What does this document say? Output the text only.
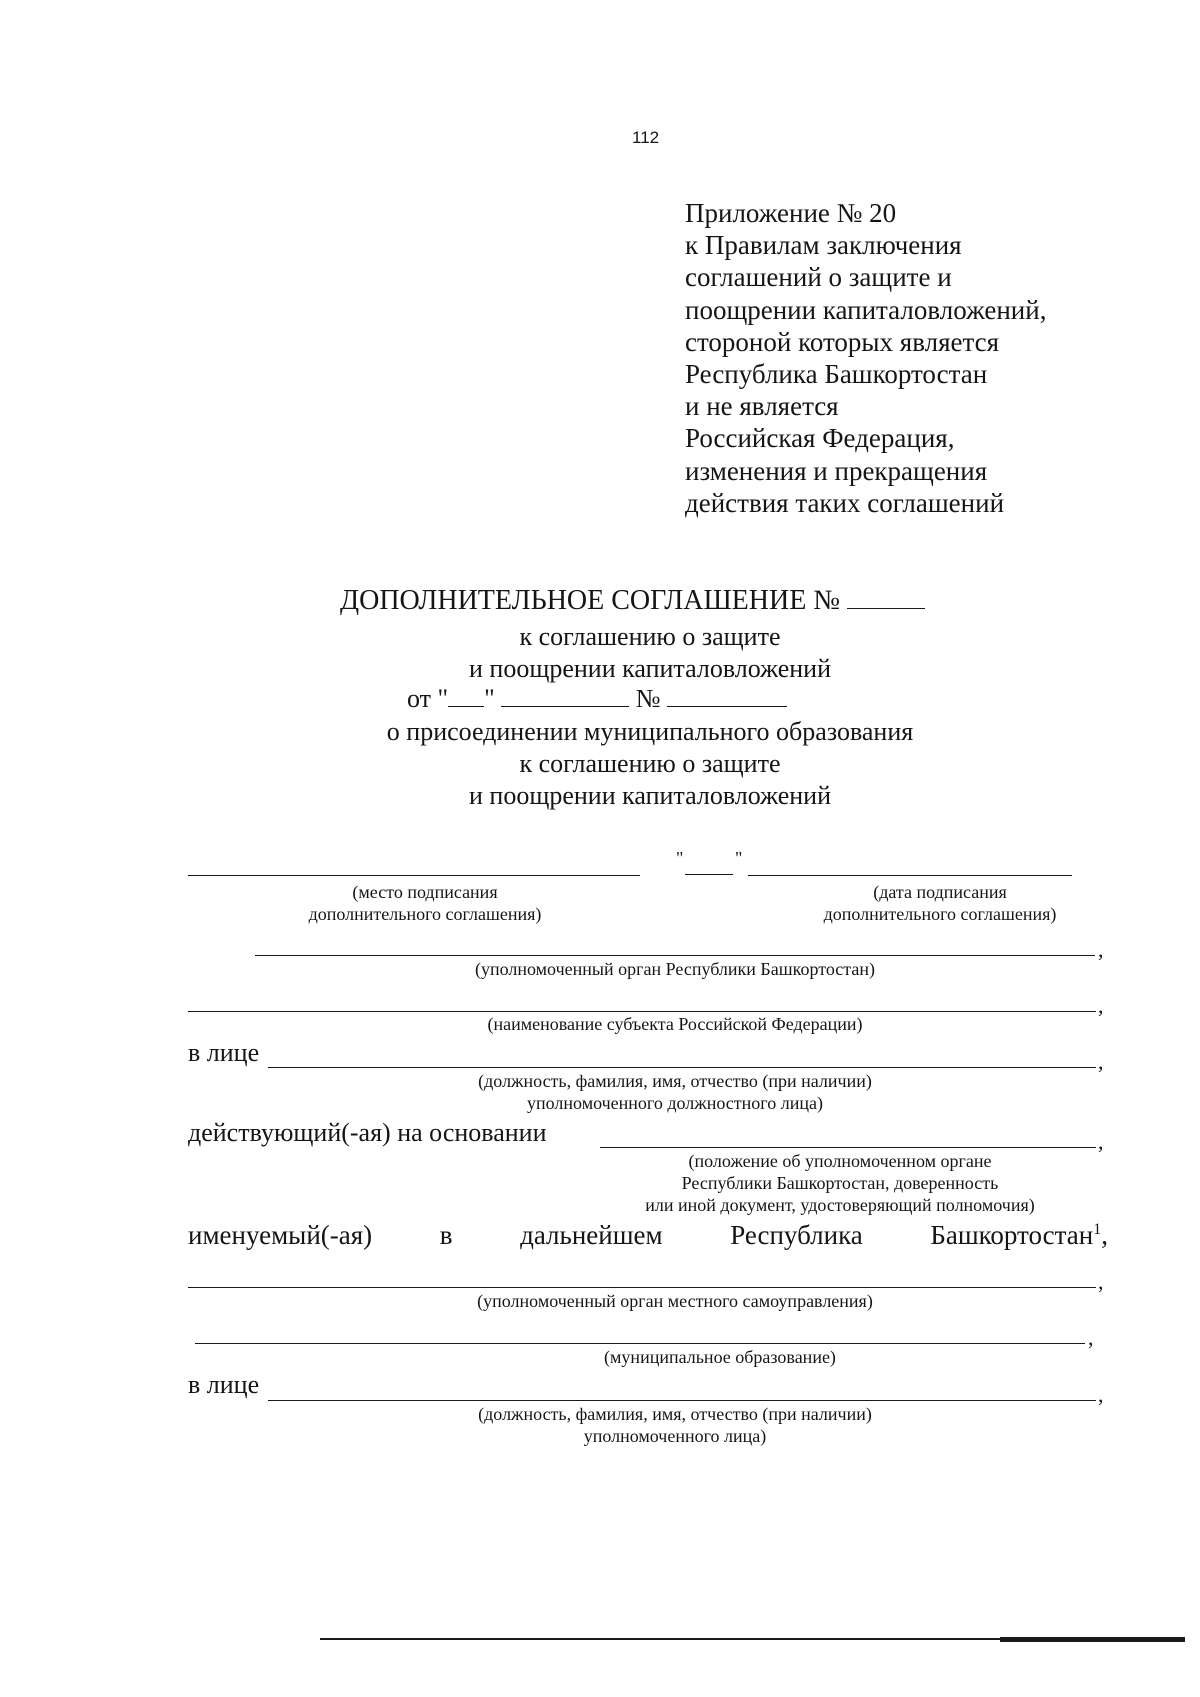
112
Приложение № 20
к Правилам заключения
соглашений о защите и
поощрении капиталовложений,
стороной которых является
Республика Башкортостан
и не является
Российская Федерация,
изменения и прекращения
действия таких соглашений
ДОПОЛНИТЕЛЬНОЕ СОГЛАШЕНИЕ №
к соглашению о защите
и поощрении капиталовложений
от " "	№
о присоединении муниципального образования
к соглашению о защите
и поощрении капиталовложений
"	"
(место подписания
дополнительного соглашения)
(дата подписания
дополнительного соглашения)
,
(уполномоченный орган Республики Башкортостан)
,
(наименование субъекта Российской Федерации)
в лице	,
(должность, фамилия, имя, отчество (при наличии)
уполномоченного должностного лица)
действующий(-ая) на основании	,
(положение об уполномоченном органе
Республики Башкортостан, доверенность
или иной документ, удостоверяющий полномочия)
именуемый(-ая)	в	дальнейшем	Республика	Башкортостан$^1$,
,
(уполномоченный орган местного самоуправления)
,
(муниципальное образование)
в лице	,
(должность, фамилия, имя, отчество (при наличии)
уполномоченного лица)
